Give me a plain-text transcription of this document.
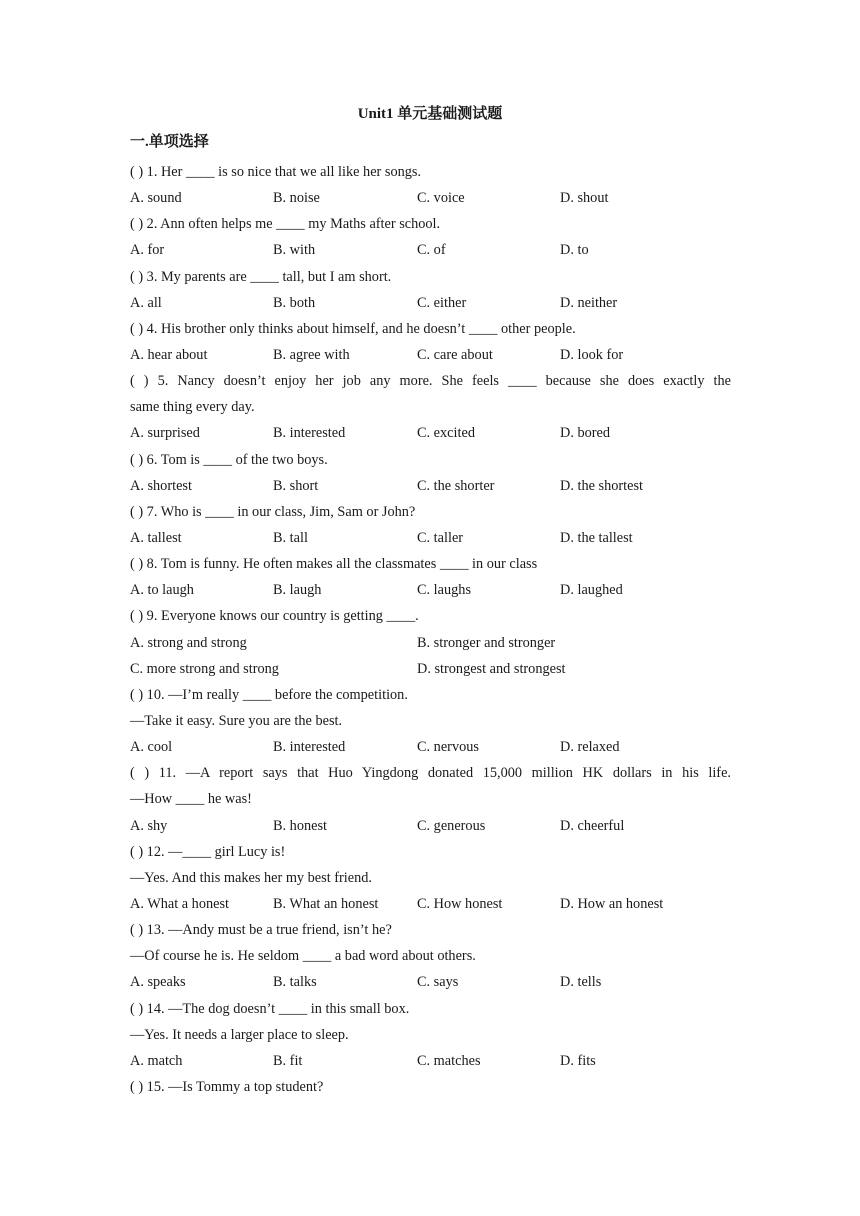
Unit1 单元基础测试题
一.单项选择
( ) 1. Her ____ is so nice that we all like her songs.
A. sound	B. noise	C. voice	D. shout
( ) 2. Ann often helps me ____ my Maths after school.
A. for	B. with	C. of	D. to
( ) 3. My parents are ____ tall, but I am short.
A. all	B. both	C. either	D. neither
( ) 4. His brother only thinks about himself, and he doesn’t ____ other people.
A. hear about	B. agree with	C. care about	D. look for
( ) 5. Nancy doesn’t enjoy her job any more. She feels ____ because she does exactly the
same thing every day.
A. surprised	B. interested	C. excited	D. bored
( ) 6. Tom is ____ of the two boys.
A. shortest	B. short	C. the shorter	D. the shortest
( ) 7. Who is ____ in our class, Jim, Sam or John?
A. tallest	B. tall	C. taller	D. the tallest
( ) 8. Tom is funny. He often makes all the classmates ____ in our class
A. to laugh	B. laugh	C. laughs	D. laughed
( ) 9. Everyone knows our country is getting ____.
A. strong and strong	B. stronger and stronger
C. more strong and strong	D. strongest and strongest
( ) 10. —I’m really ____ before the competition.
—Take it easy. Sure you are the best.
A. cool	B. interested	C. nervous	D. relaxed
( ) 11. —A report says that Huo Yingdong donated 15,000 million HK dollars in his life.
—How ____ he was!
A. shy	B. honest	C. generous	D. cheerful
( ) 12. —____ girl Lucy is!
—Yes. And this makes her my best friend.
A. What a honest	B. What an honest	C. How honest	D. How an honest
( ) 13. —Andy must be a true friend, isn’t he?
—Of course he is. He seldom ____ a bad word about others.
A. speaks	B. talks	C. says	D. tells
( ) 14. —The dog doesn’t ____ in this small box.
—Yes. It needs a larger place to sleep.
A. match	B. fit	C. matches	D. fits
( ) 15. —Is Tommy a top student?
